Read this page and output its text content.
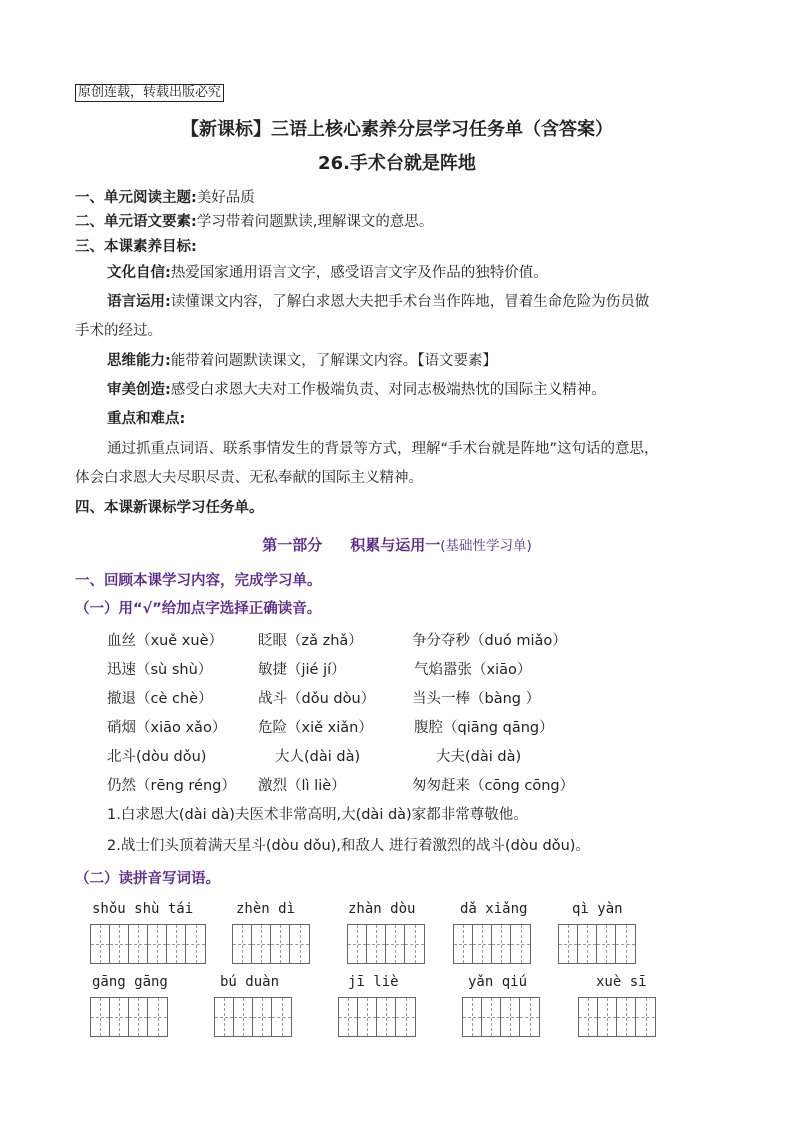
原创连载，转载出版必究
【新课标】三语上核心素养分层学习任务单（含答案）
26.手术台就是阵地
一、单元阅读主题:美好品质
二、单元语文要素:学习带着问题默读,理解课文的意思。
三、本课素养目标:
文化自信:热爱国家通用语言文字，感受语言文字及作品的独特价值。
语言运用:读懂课文内容，了解白求恩大夫把手术台当作阵地，冒着生命危险为伤员做
手术的经过。
思维能力:能带着问题默读课文，了解课文内容。【语文要素】
审美创造:感受白求恩大夫对工作极端负责、对同志极端热忱的国际主义精神。
重点和难点:
通过抓重点词语、联系事情发生的背景等方式，理解“手术台就是阵地”这句话的意思，
体会白求恩大夫尽职尽责、无私奉献的国际主义精神。
四、本课新课标学习任务单。
第一部分 积累与运用一(基础性学习单)
一、回顾本课学习内容，完成学习单。
（一）用“√”给加点字选择正确读音。
血丝（xuě xuè） 眨眼（zǎ zhǎ）	争分夺秒（duó miǎo）
迅速（sù shù）	敏捷（jié jí）	气焰嚣张（xiāo）
撤退（cè chè）	战斗（dǒu dòu）	当头一棒（bàng ）
硝烟（xiāo xǎo） 危险（xiě xiǎn）	腹腔（qiāng qāng）
北斗(dòu dǒu)	大人(dài dà)	大夫(dài dà)
仍然（rēng réng） 激烈（lì liè）	匆匆赶来（cōng cōng）
1.白求恩大(dài dà)夫医术非常高明,大(dài dà)家都非常尊敬他。
2.战士们头顶着满天星斗(dòu dǒu),和敌人 进行着激烈的战斗(dòu dǒu)。
（二）读拼音写词语。
shǒu shù tái	zhèn dì	zhàn dòu	dǎ xiǎng	qì yàn
gāng gāng	bú duàn	jī liè	yǎn qiú	xuè sī
